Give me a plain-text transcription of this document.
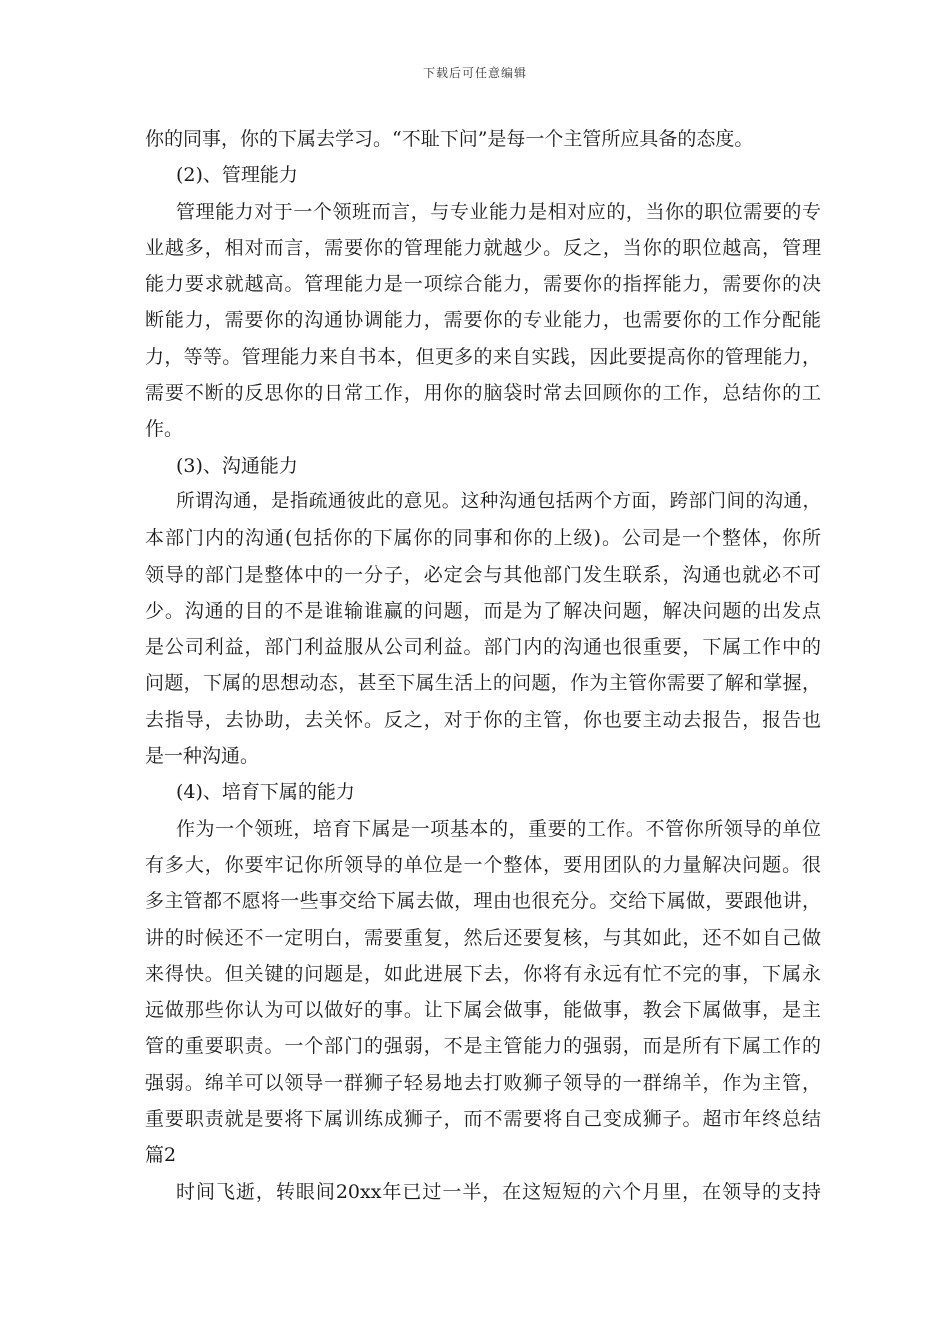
下载后可任意编辑
你的同事，你的下属去学习。“不耻下问”是每一个主管所应具备的态度。
(2)、管理能力
管理能力对于一个领班而言，与专业能力是相对应的，当你的职位需要的专
业越多，相对而言，需要你的管理能力就越少。反之，当你的职位越高，管理
能力要求就越高。管理能力是一项综合能力，需要你的指挥能力，需要你的决
断能力，需要你的沟通协调能力，需要你的专业能力，也需要你的工作分配能
力，等等。管理能力来自书本，但更多的来自实践，因此要提高你的管理能力，
需要不断的反思你的日常工作，用你的脑袋时常去回顾你的工作，总结你的工
作。
(3)、沟通能力
所谓沟通，是指疏通彼此的意见。这种沟通包括两个方面，跨部门间的沟通，
本部门内的沟通(包括你的下属你的同事和你的上级)。公司是一个整体，你所
领导的部门是整体中的一分子，必定会与其他部门发生联系，沟通也就必不可
少。沟通的目的不是谁输谁赢的问题，而是为了解决问题，解决问题的出发点
是公司利益，部门利益服从公司利益。部门内的沟通也很重要，下属工作中的
问题，下属的思想动态，甚至下属生活上的问题，作为主管你需要了解和掌握，
去指导，去协助，去关怀。反之，对于你的主管，你也要主动去报告，报告也
是一种沟通。
(4)、培育下属的能力
作为一个领班，培育下属是一项基本的，重要的工作。不管你所领导的单位
有多大，你要牢记你所领导的单位是一个整体，要用团队的力量解决问题。很
多主管都不愿将一些事交给下属去做，理由也很充分。交给下属做，要跟他讲，
讲的时候还不一定明白，需要重复，然后还要复核，与其如此，还不如自己做
来得快。但关键的问题是，如此进展下去，你将有永远有忙不完的事，下属永
远做那些你认为可以做好的事。让下属会做事，能做事，教会下属做事，是主
管的重要职责。一个部门的强弱，不是主管能力的强弱，而是所有下属工作的
强弱。绵羊可以领导一群狮子轻易地去打败狮子领导的一群绵羊，作为主管，
重要职责就是要将下属训练成狮子，而不需要将自己变成狮子。超市年终总结
篇2
时间飞逝，转眼间20xx年已过一半，在这短短的六个月里，在领导的支持
